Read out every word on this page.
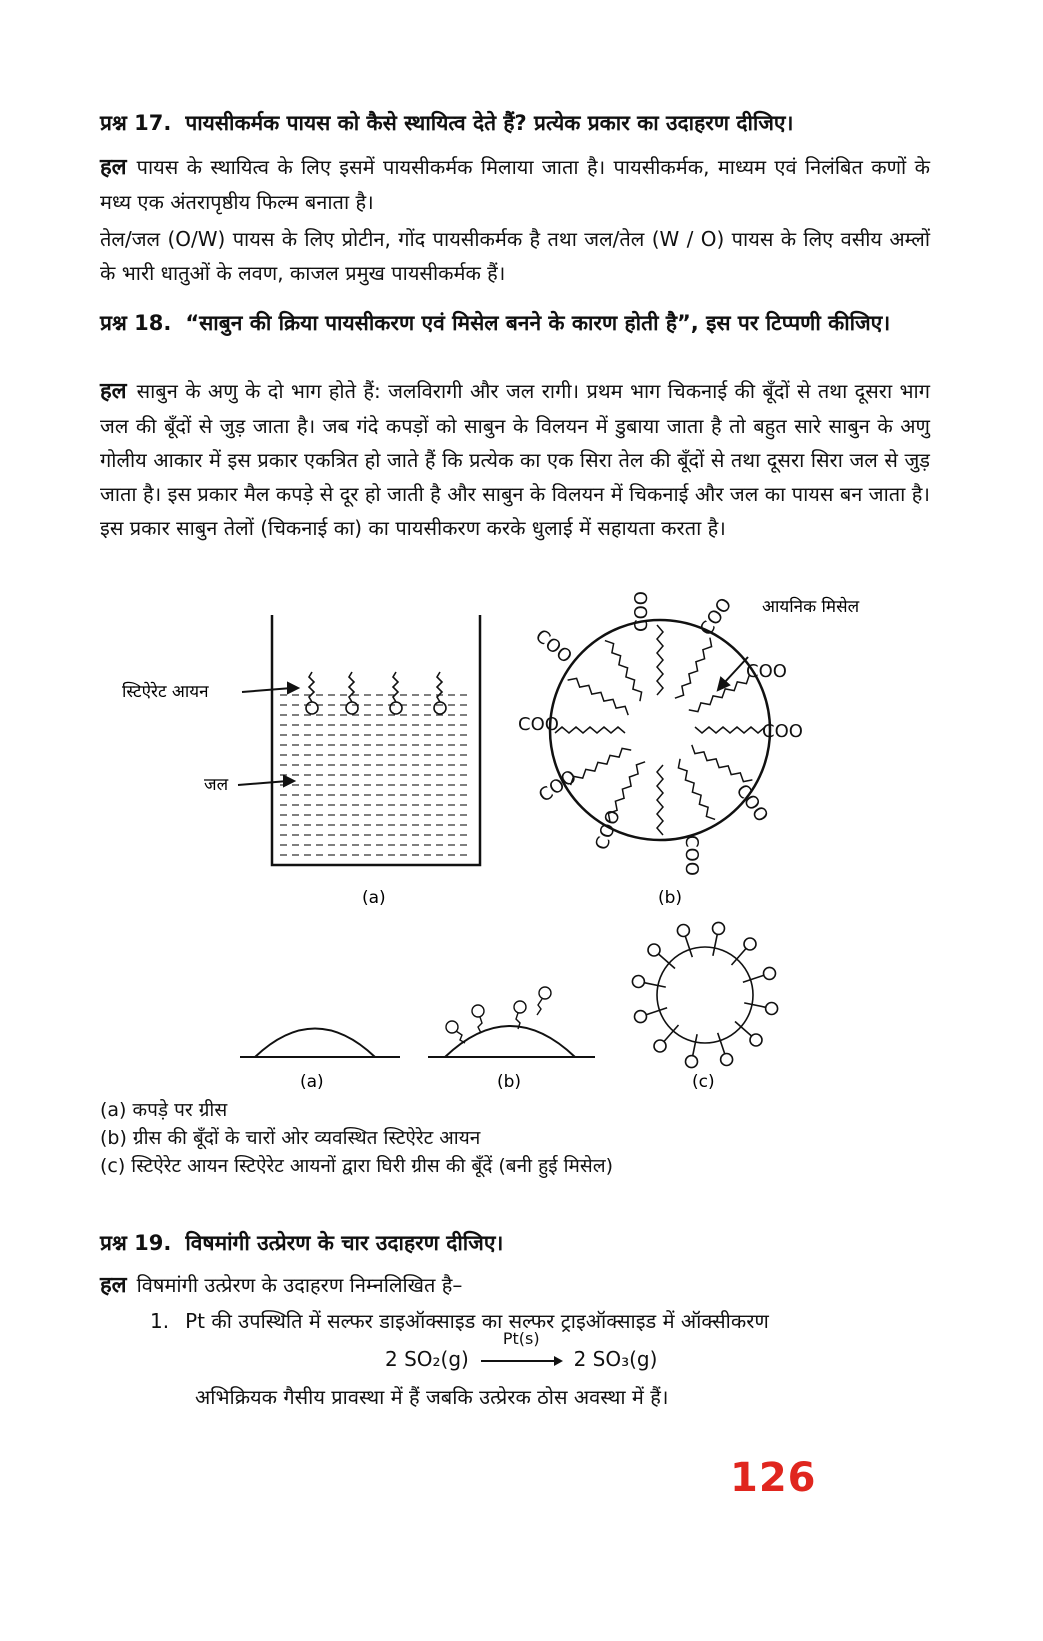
प्रश्न 17. पायसीकर्मक पायस को कैसे स्थायित्व देते हैं? प्रत्येक प्रकार का उदाहरण दीजिए।
हल पायस के स्थायित्व के लिए इसमें पायसीकर्मक मिलाया जाता है। पायसीकर्मक, माध्यम एवं निलंबित कणों के मध्य एक अंतरापृष्ठीय फिल्म बनाता है।
तेल/जल (O/W) पायस के लिए प्रोटीन, गोंद पायसीकर्मक है तथा जल/तेल (W / O) पायस के लिए वसीय अम्लों के भारी धातुओं के लवण, काजल प्रमुख पायसीकर्मक हैं।
प्रश्न 18. “साबुन की क्रिया पायसीकरण एवं मिसेल बनने के कारण होती है”, इस पर टिप्पणी कीजिए।
हल साबुन के अणु के दो भाग होते हैं: जलविरागी और जल रागी। प्रथम भाग चिकनाई की बूँदों से तथा दूसरा भाग जल की बूँदों से जुड़ जाता है। जब गंदे कपड़ों को साबुन के विलयन में डुबाया जाता है तो बहुत सारे साबुन के अणु गोलीय आकार में इस प्रकार एकत्रित हो जाते हैं कि प्रत्येक का एक सिरा तेल की बूँदों से तथा दूसरा सिरा जल से जुड़ जाता है। इस प्रकार मैल कपड़े से दूर हो जाती है और साबुन के विलयन में चिकनाई और जल का पायस बन जाता है। इस प्रकार साबुन तेलों (चिकनाई का) का पायसीकरण करके धुलाई में सहायता करता है।
स्टिऐरेट आयन
जल
(a)
आयनिक मिसेल
COO
COO
COO
COO COO
COO
COO	COO
COO
COO
(b)
(a)	(b)	(c)
(a) कपड़े पर ग्रीस
(b) ग्रीस की बूँदों के चारों ओर व्यवस्थित स्टिऐरेट आयन
(c) स्टिऐरेट आयन स्टिऐरेट आयनों द्वारा घिरी ग्रीस की बूँदें (बनी हुई मिसेल)
प्रश्न 19. विषमांगी उत्प्रेरण के चार उदाहरण दीजिए।
हल विषमांगी उत्प्रेरण के उदाहरण निम्नलिखित है–
1. Pt की उपस्थिति में सल्फर डाइऑक्साइड का सल्फर ट्राइऑक्साइड में ऑक्सीकरण
2 SO₂(g)
Pt(s)
2 SO₃(g)
अभिक्रियक गैसीय प्रावस्था में हैं जबकि उत्प्रेरक ठोस अवस्था में हैं।
126
